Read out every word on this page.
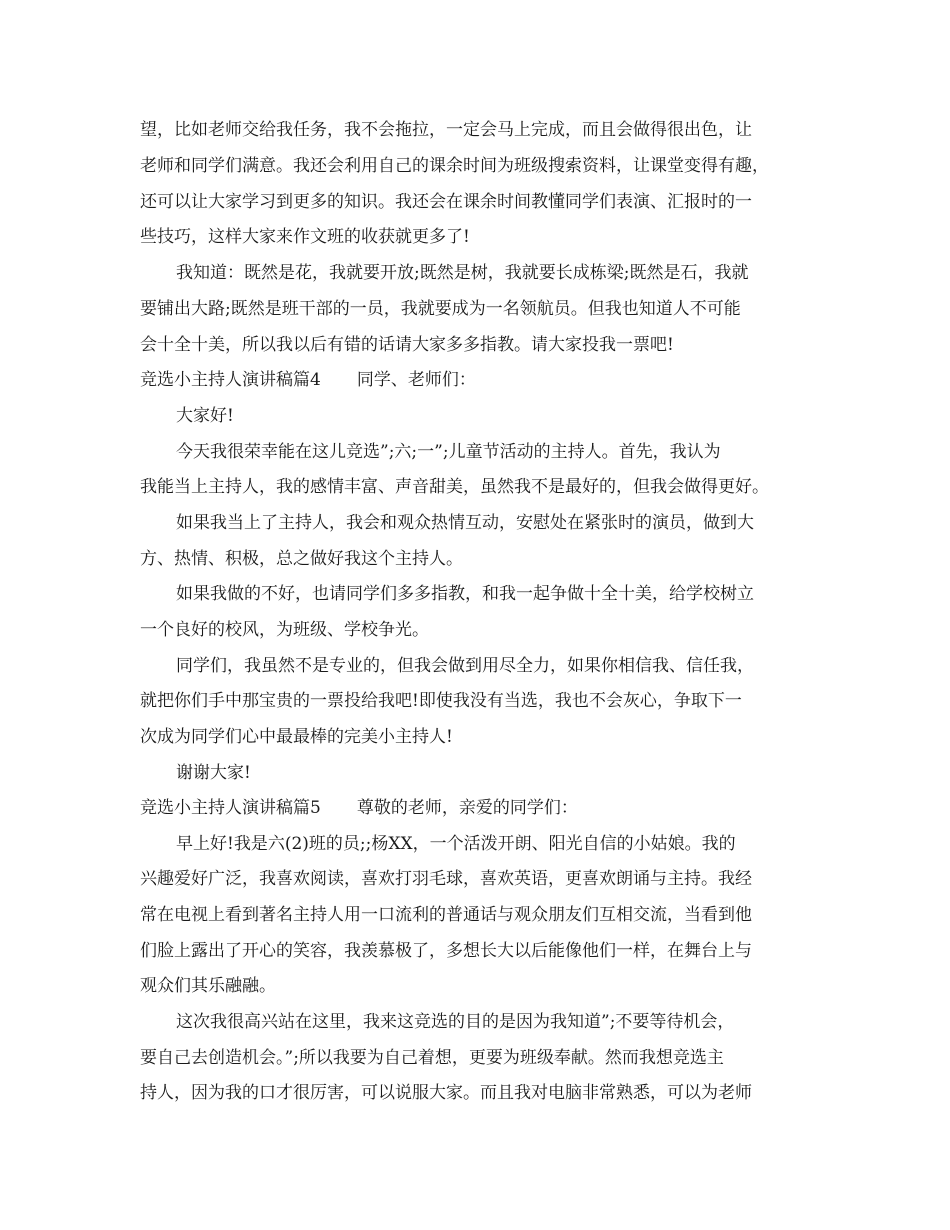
望，比如老师交给我任务，我不会拖拉，一定会马上完成，而且会做得很出色，让

老师和同学们满意。我还会利用自己的课余时间为班级搜索资料，让课堂变得有趣，

还可以让大家学习到更多的知识。我还会在课余时间教懂同学们表演、汇报时的一

些技巧，这样大家来作文班的收获就更多了!

我知道：既然是花，我就要开放;既然是树，我就要长成栋梁;既然是石，我就

要铺出大路;既然是班干部的一员，我就要成为一名领航员。但我也知道人不可能

会十全十美，所以我以后有错的话请大家多多指教。请大家投我一票吧!

竞选小主持人演讲稿篇4 同学、老师们：

大家好!

今天我很荣幸能在这儿竞选”;六;一”;儿童节活动的主持人。首先，我认为

我能当上主持人，我的感情丰富、声音甜美，虽然我不是最好的，但我会做得更好。

如果我当上了主持人，我会和观众热情互动，安慰处在紧张时的演员，做到大

方、热情、积极，总之做好我这个主持人。

如果我做的不好，也请同学们多多指教，和我一起争做十全十美，给学校树立

一个良好的校风，为班级、学校争光。

同学们，我虽然不是专业的，但我会做到用尽全力，如果你相信我、信任我，

就把你们手中那宝贵的一票投给我吧!即使我没有当选，我也不会灰心，争取下一

次成为同学们心中最最棒的完美小主持人!

谢谢大家!

竞选小主持人演讲稿篇5 尊敬的老师，亲爱的同学们：

早上好!我是六(2)班的员;;杨XX，一个活泼开朗、阳光自信的小姑娘。我的

兴趣爱好广泛，我喜欢阅读，喜欢打羽毛球，喜欢英语，更喜欢朗诵与主持。我经

常在电视上看到著名主持人用一口流利的普通话与观众朋友们互相交流，当看到他

们脸上露出了开心的笑容，我羡慕极了，多想长大以后能像他们一样，在舞台上与

观众们其乐融融。

这次我很高兴站在这里，我来这竞选的目的是因为我知道”;不要等待机会，

要自己去创造机会。”;所以我要为自己着想，更要为班级奉献。然而我想竞选主

持人，因为我的口才很厉害，可以说服大家。而且我对电脑非常熟悉，可以为老师
